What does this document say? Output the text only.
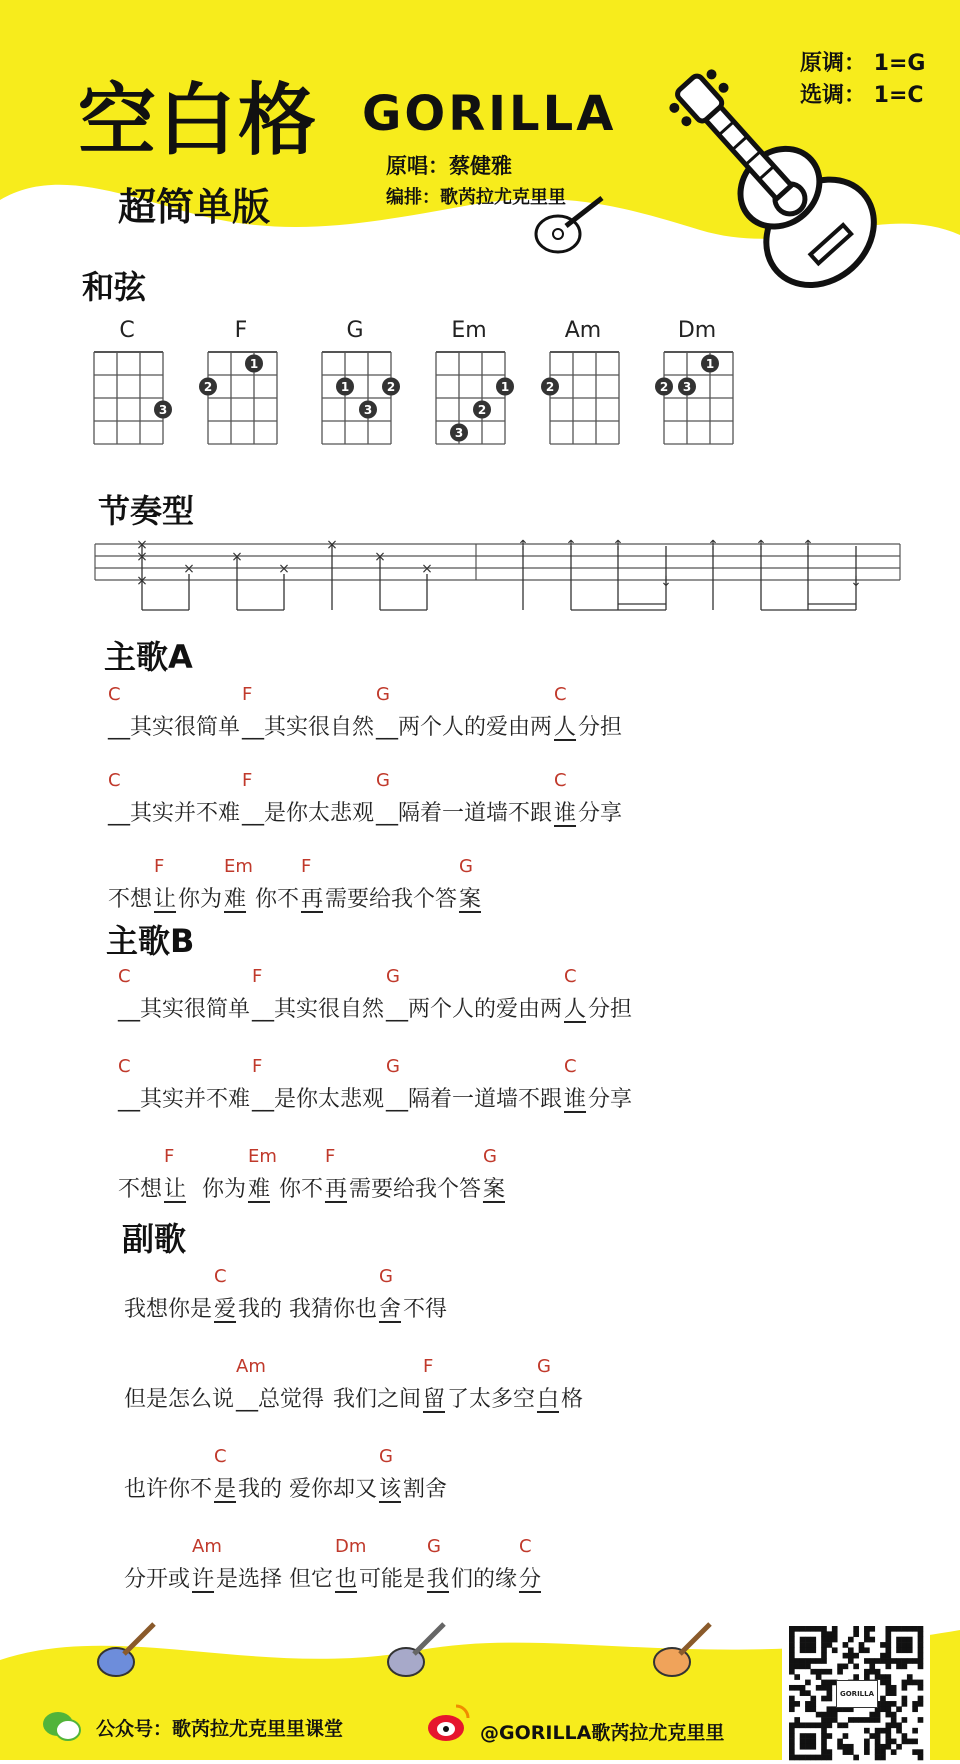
空白格
超简单版
GORILLA
原唱：蔡健雅
编排：歌芮拉尤克里里
原调： 1=G
选调： 1=C
和弦
C
3
F
1
2
G
1	2
3
Em
1
2
3
Am
2
Dm
1
2 3
节奏型
×
×
×
×
×
×
×
×
×
↑	↑	↑
↓
↑	↑	↑
↓
主歌A
C
__其实很简单
F
__其实很自然
G
__两个人的爱由两
C
人 分担
C
__其实并不难
F
__是你太悲观
G
__隔着一道墙不跟
C
谁 分享
不想
F
让 你为
Em
难 你不
F
再 需要给我个答
G
案
主歌B
C
__其实很简单
F
__其实很自然
G
__两个人的爱由两
C
人 分担
C
__其实并不难
F
__是你太悲观
G
__隔着一道墙不跟
C
谁 分享
不想
F
让 你为
Em
难 你不
F
再 需要给我个答
G
案
副歌
我想你是
C
爱 我的 我猜你也
G
舍 不得
但是怎么说
Am
__总觉得 我们之间
F
留 了太多空
G
白 格
也许你不
C
是 我的 爱你却又
G
该 割舍
分开或
Am
许 是选择 但它
Dm
也 可能是
G
我 们的缘
C
分
公众号：歌芮拉尤克里里课堂	@GORILLA歌芮拉尤克里里
GORILLA
